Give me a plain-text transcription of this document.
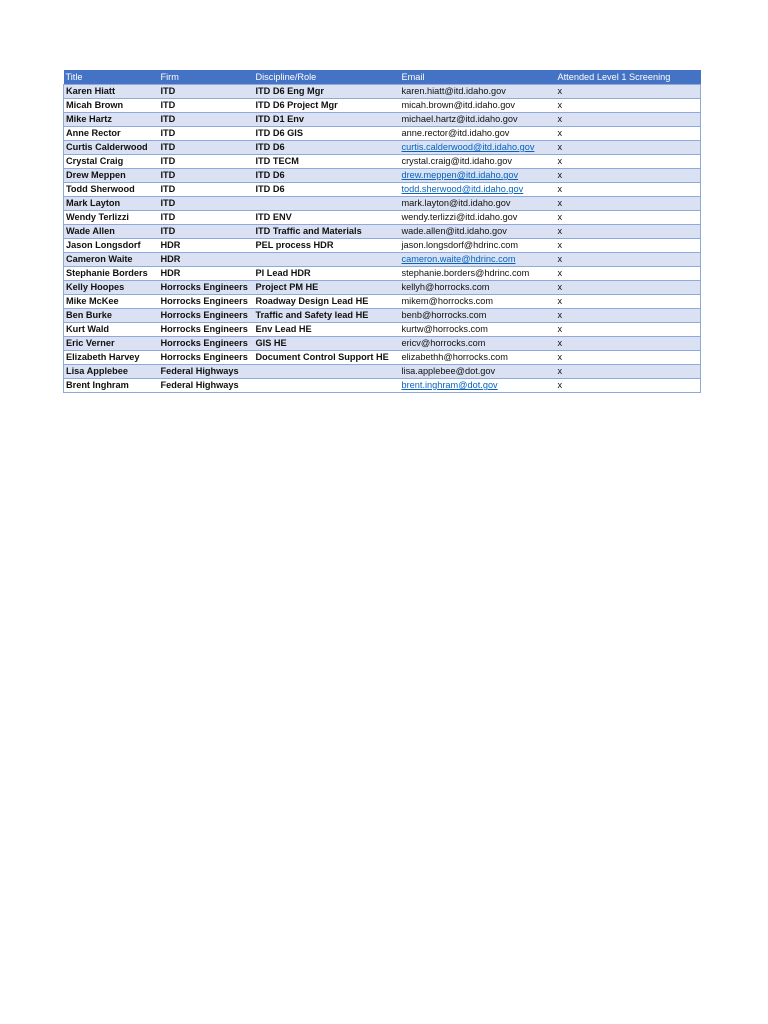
Title	Firm	Discipline/Role	Email	Attended Level 1 Screening
Karen Hiatt	ITD	ITD D6 Eng Mgr	karen.hiatt@itd.idaho.gov	x
Micah Brown	ITD	ITD D6 Project Mgr	micah.brown@itd.idaho.gov	x
Mike Hartz	ITD	ITD D1 Env	michael.hartz@itd.idaho.gov	x
Anne Rector	ITD	ITD D6 GIS	anne.rector@itd.idaho.gov	x
Curtis Calderwood	ITD	ITD D6	curtis.calderwood@itd.idaho.gov	x
Crystal Craig	ITD	ITD TECM	crystal.craig@itd.idaho.gov	x
Drew Meppen	ITD	ITD D6	drew.meppen@itd.idaho.gov	x
Todd Sherwood	ITD	ITD D6	todd.sherwood@itd.idaho.gov	x
Mark Layton	ITD		mark.layton@itd.idaho.gov	x
Wendy Terlizzi	ITD	ITD ENV	wendy.terlizzi@itd.idaho.gov	x
Wade Allen	ITD	ITD Traffic and Materials	wade.allen@itd.idaho.gov	x
Jason Longsdorf	HDR	PEL process HDR	jason.longsdorf@hdrinc.com	x
Cameron Waite	HDR		cameron.waite@hdrinc.com	x
Stephanie Borders	HDR	PI Lead HDR	stephanie.borders@hdrinc.com	x
Kelly Hoopes	Horrocks Engineers	Project PM HE	kellyh@horrocks.com	x
Mike McKee	Horrocks Engineers	Roadway Design Lead HE	mikem@horrocks.com	x
Ben Burke	Horrocks Engineers	Traffic and Safety lead HE	benb@horrocks.com	x
Kurt Wald	Horrocks Engineers	Env Lead HE	kurtw@horrocks.com	x
Eric Verner	Horrocks Engineers	GIS HE	ericv@horrocks.com	x
Elizabeth Harvey	Horrocks Engineers	Document Control Support HE	elizabethh@horrocks.com	x
Lisa Applebee	Federal Highways		lisa.applebee@dot.gov	x
Brent Inghram	Federal Highways		brent.inghram@dot.gov	x
